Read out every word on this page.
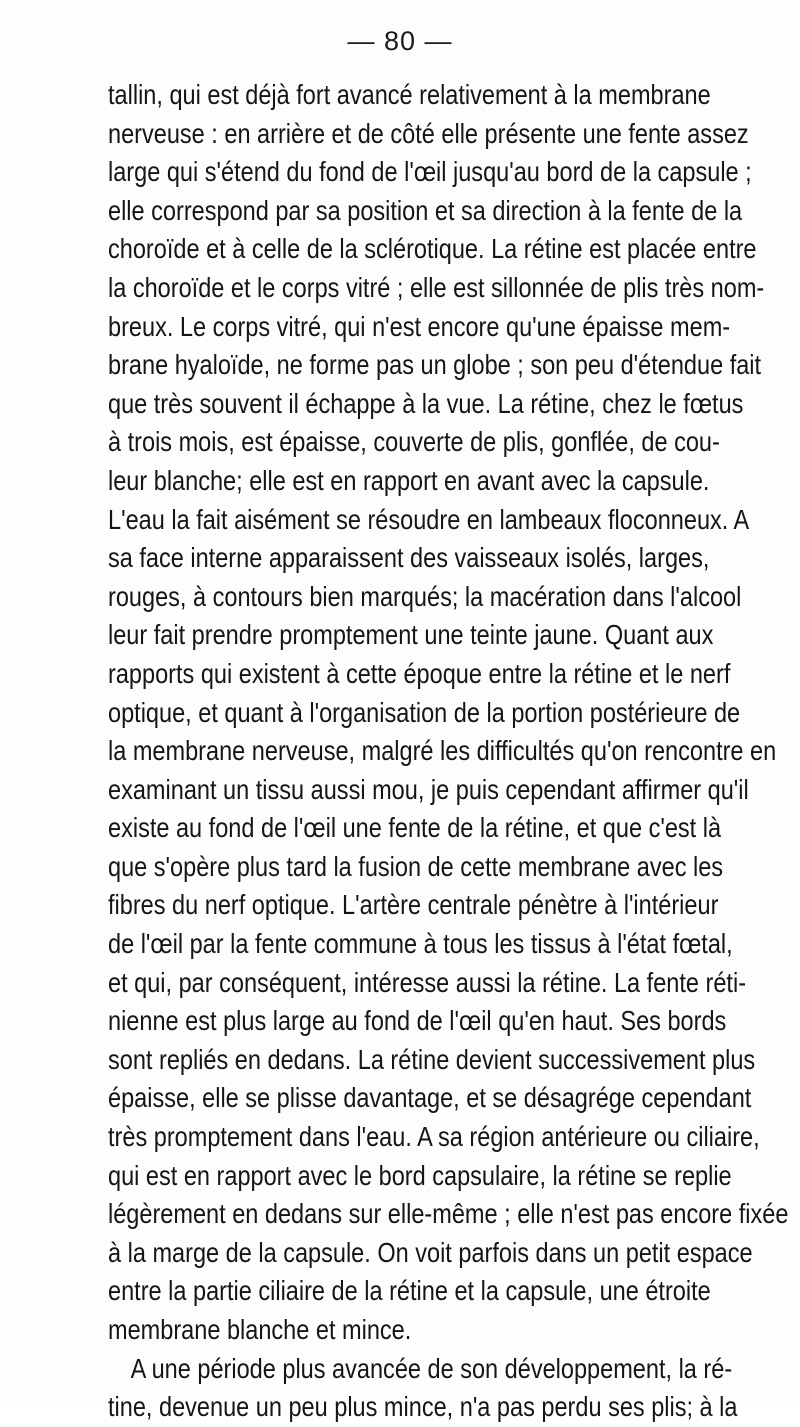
— 80 —
tallin, qui est déjà fort avancé relativement à la membrane
nerveuse : en arrière et de côté elle présente une fente assez
large qui s'étend du fond de l'œil jusqu'au bord de la capsule ;
elle correspond par sa position et sa direction à la fente de la
choroïde et à celle de la sclérotique. La rétine est placée entre
la choroïde et le corps vitré ; elle est sillonnée de plis très nom-
breux. Le corps vitré, qui n'est encore qu'une épaisse mem-
brane hyaloïde, ne forme pas un globe ; son peu d'étendue fait
que très souvent il échappe à la vue. La rétine, chez le fœtus
à trois mois, est épaisse, couverte de plis, gonflée, de cou-
leur blanche; elle est en rapport en avant avec la capsule.
L'eau la fait aisément se résoudre en lambeaux floconneux. A
sa face interne apparaissent des vaisseaux isolés, larges,
rouges, à contours bien marqués; la macération dans l'alcool
leur fait prendre promptement une teinte jaune. Quant aux
rapports qui existent à cette époque entre la rétine et le nerf
optique, et quant à l'organisation de la portion postérieure de
la membrane nerveuse, malgré les difficultés qu'on rencontre en
examinant un tissu aussi mou, je puis cependant affirmer qu'il
existe au fond de l'œil une fente de la rétine, et que c'est là
que s'opère plus tard la fusion de cette membrane avec les
fibres du nerf optique. L'artère centrale pénètre à l'intérieur
de l'œil par la fente commune à tous les tissus à l'état fœtal,
et qui, par conséquent, intéresse aussi la rétine. La fente réti-
nienne est plus large au fond de l'œil qu'en haut. Ses bords
sont repliés en dedans. La rétine devient successivement plus
épaisse, elle se plisse davantage, et se désagrége cependant
très promptement dans l'eau. A sa région antérieure ou ciliaire,
qui est en rapport avec le bord capsulaire, la rétine se replie
légèrement en dedans sur elle-même ; elle n'est pas encore fixée
à la marge de la capsule. On voit parfois dans un petit espace
entre la partie ciliaire de la rétine et la capsule, une étroite
membrane blanche et mince.
A une période plus avancée de son développement, la ré-
tine, devenue un peu plus mince, n'a pas perdu ses plis; à la
